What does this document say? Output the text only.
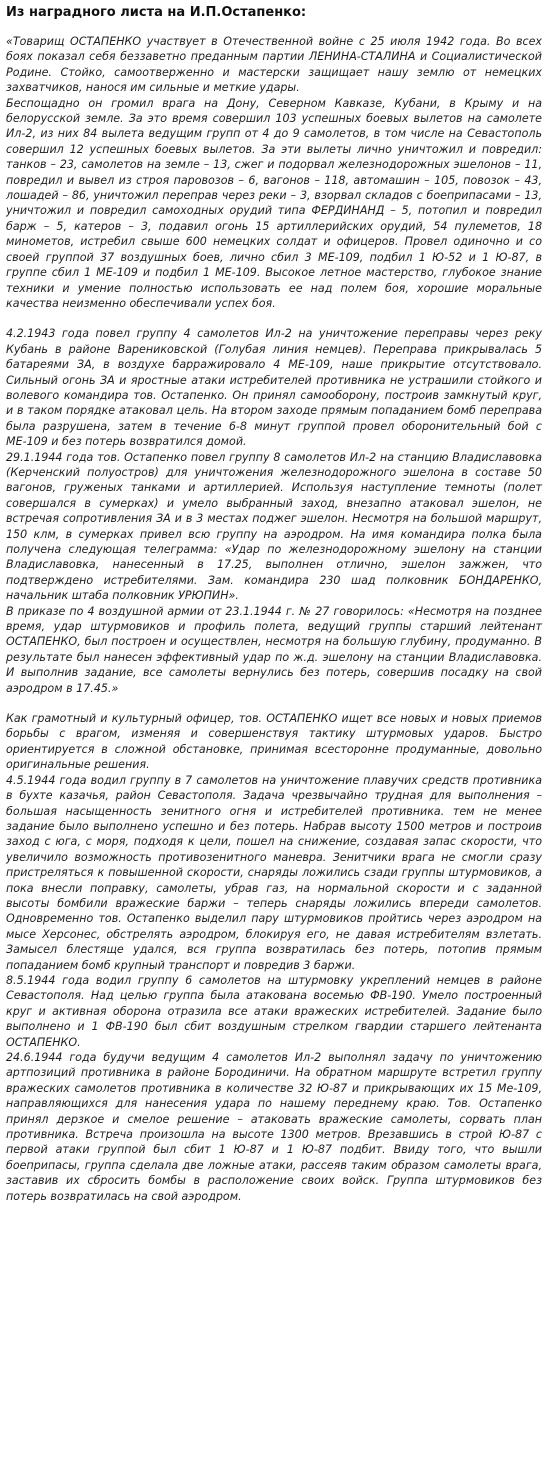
Из наградного листа на И.П.Остапенко:

«Товарищ ОСТАПЕНКО участвует в Отечественной войне с 25 июля 1942 года. Во всех боях показал себя беззаветно преданным партии ЛЕНИНА-СТАЛИНА и Социалистической Родине. Стойко, самоотверженно и мастерски защищает нашу землю от немецких захватчиков, нанося им сильные и меткие удары.

Беспощадно он громил врага на Дону, Северном Кавказе, Кубани, в Крыму и на белорусской земле. За это время совершил 103 успешных боевых вылетов на самолете Ил-2, из них 84 вылета ведущим групп от 4 до 9 самолетов, в том числе на Севастополь совершил 12 успешных боевых вылетов. За эти вылеты лично уничтожил и повредил: танков – 23, самолетов на земле – 13, сжег и подорвал железнодорожных эшелонов – 11, повредил и вывел из строя паровозов – 6, вагонов – 118, автомашин – 105, повозок – 43, лошадей – 86, уничтожил переправ через реки – 3, взорвал складов с боеприпасами – 13, уничтожил и повредил самоходных орудий типа ФЕРДИНАНД – 5, потопил и повредил барж – 5, катеров – 3, подавил огонь 15 артиллерийских орудий, 54 пулеметов, 18 минометов, истребил свыше 600 немецких солдат и офицеров. Провел одиночно и со своей группой 37 воздушных боев, лично сбил 3 МЕ-109, подбил 1 Ю-52 и 1 Ю-87, в группе сбил 1 МЕ-109 и подбил 1 МЕ-109. Высокое летное мастерство, глубокое знание техники и умение полностью использовать ее над полем боя, хорошие моральные качества неизменно обеспечивали успех боя.

4.2.1943 года повел группу 4 самолетов Ил-2 на уничтожение переправы через реку Кубань в районе Варениковской (Голубая линия немцев). Переправа прикрывалась 5 батареями ЗА, в воздухе барражировало 4 МЕ-109, наше прикрытие отсутствовало. Сильный огонь ЗА и яростные атаки истребителей противника не устрашили стойкого и волевого командира тов. Остапенко. Он принял самооборону, построив замкнутый круг, и в таком порядке атаковал цель. На втором заходе прямым попаданием бомб переправа была разрушена, затем в течение 6-8 минут группой провел оборонительный бой с МЕ-109 и без потерь возвратился домой.

29.1.1944 года тов. Остапенко повел группу 8 самолетов Ил-2 на станцию Владиславовка (Керченский полуостров) для уничтожения железнодорожного эшелона в составе 50 вагонов, груженых танками и артиллерией. Используя наступление темноты (полет совершался в сумерках) и умело выбранный заход, внезапно атаковал эшелон, не встречая сопротивления ЗА и в 3 местах поджег эшелон. Несмотря на большой маршрут, 150 клм, в сумерках привел всю группу на аэродром. На имя командира полка была получена следующая телеграмма: «Удар по железнодорожному эшелону на станции Владиславовка, нанесенный в 17.25, выполнен отлично, эшелон зажжен, что подтверждено истребителями. Зам. командира 230 шад полковник БОНДАРЕНКО, начальник штаба полковник УРЮПИН».

В приказе по 4 воздушной армии от 23.1.1944 г. № 27 говорилось: «Несмотря на позднее время, удар штурмовиков и профиль полета, ведущий группы старший лейтенант ОСТАПЕНКО, был построен и осуществлен, несмотря на большую глубину, продуманно. В результате был нанесен эффективный удар по ж.д. эшелону на станции Владиславовка. И выполнив задание, все самолеты вернулись без потерь, совершив посадку на свой аэродром в 17.45.»

Как грамотный и культурный офицер, тов. ОСТАПЕНКО ищет все новых и новых приемов борьбы с врагом, изменяя и совершенствуя тактику штурмовых ударов. Быстро ориентируется в сложной обстановке, принимая всесторонне продуманные, довольно оригинальные решения.

4.5.1944 года водил группу в 7 самолетов на уничтожение плавучих средств противника в бухте казачья, район Севастополя. Задача чрезвычайно трудная для выполнения – большая насыщенность зенитного огня и истребителей противника. тем не менее задание было выполнено успешно и без потерь. Набрав высоту 1500 метров и построив заход с юга, с моря, подходя к цели, пошел на снижение, создавая запас скорости, что увеличило возможность противозенитного маневра. Зенитчики врага не смогли сразу пристреляться к повышенной скорости, снаряды ложились сзади группы штурмовиков, а пока внесли поправку, самолеты, убрав газ, на нормальной скорости и с заданной высоты бомбили вражеские баржи – теперь снаряды ложились впереди самолетов. Одновременно тов. Остапенко выделил пару штурмовиков пройтись через аэродром на мысе Херсонес, обстрелять аэродром, блокируя его, не давая истребителям взлетать. Замысел блестяще удался, вся группа возвратилась без потерь, потопив прямым попаданием бомб крупный транспорт и повредив 3 баржи.

8.5.1944 года водил группу 6 самолетов на штурмовку укреплений немцев в районе Севастополя. Над целью группа была атакована восемью ФВ-190. Умело построенный круг и активная оборона отразила все атаки вражеских истребителей. Задание было выполнено и 1 ФВ-190 был сбит воздушным стрелком гвардии старшего лейтенанта ОСТАПЕНКО.

24.6.1944 года будучи ведущим 4 самолетов Ил-2 выполнял задачу по уничтожению артпозиций противника в районе Бородиничи. На обратном маршруте встретил группу вражеских самолетов противника в количестве 32 Ю-87 и прикрывающих их 15 Ме-109, направляющихся для нанесения удара по нашему переднему краю. Тов. Остапенко принял дерзкое и смелое решение – атаковать вражеские самолеты, сорвать план противника. Встреча произошла на высоте 1300 метров. Врезавшись в строй Ю-87 с первой атаки группой был сбит 1 Ю-87 и 1 Ю-87 подбит. Ввиду того, что вышли боеприпасы, группа сделала две ложные атаки, рассеяв таким образом самолеты врага, заставив их сбросить бомбы в расположение своих войск. Группа штурмовиков без потерь возвратилась на свой аэродром.
